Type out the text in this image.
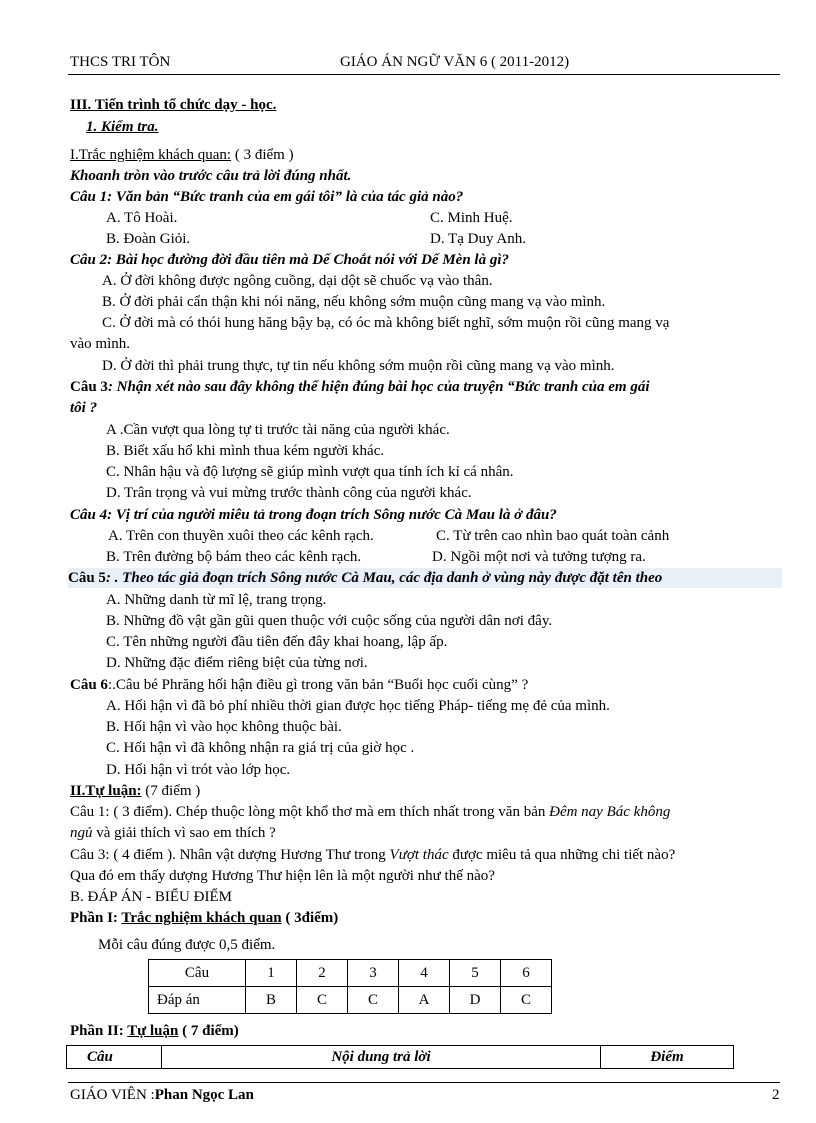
THCS TRI TÔN	GIÁO ÁN NGỮ VĂN 6 ( 2011-2012)
III. Tiến trình tổ chức dạy - học.
1. Kiểm tra.
I.Trắc nghiệm khách quan: ( 3 điểm )
Khoanh tròn vào trước câu trả lời đúng nhất.
Câu 1: Văn bản “Bức tranh của em gái tôi” là của tác giả nào?
A. Tô Hoài.	C. Minh Huệ.
B. Đoàn Giỏi.	D. Tạ Duy Anh.
Câu 2: Bài học đường đời đầu tiên mà Dế Choắt nói với Dế Mèn là gì?
A. Ở đời không được ngông cuồng, dại dột sẽ chuốc vạ vào thân.
B. Ở đời phải cẩn thận khi nói năng, nếu không sớm muộn cũng mang vạ vào mình.
C. Ở đời mà có thói hung hăng bậy bạ, có óc mà không biết nghĩ, sớm muộn rồi cũng mang vạ
vào mình.
D. Ở đời thì phải trung thực, tự tin nếu không sớm muộn rồi cũng mang vạ vào mình.
Câu 3: Nhận xét nào sau đây không thể hiện đúng bài học của truyện “Bức tranh của em gái
tôi ?
A .Cần vượt qua lòng tự ti trước tài năng của người khác.
B. Biết xấu hổ khi mình thua kém người khác.
C. Nhân hậu và độ lượng sẽ giúp mình vượt qua tính ích kỉ cá nhân.
D. Trân trọng và vui mừng trước thành công của người khác.
Câu 4: Vị trí của người miêu tả trong đoạn trích Sông nước Cà Mau là ở đâu?
A. Trên con thuyền xuôi theo các kênh rạch.	C. Từ trên cao nhìn bao quát toàn cảnh
B. Trên đường bộ bám theo các kênh rạch.	D. Ngồi một nơi và tưởng tượng ra.
Câu 5: . Theo tác giả đoạn trích Sông nước Cà Mau, các địa danh ở vùng này được đặt tên theo
A. Những danh từ mĩ lệ, trang trọng.
B. Những đồ vật gần gũi quen thuộc với cuộc sống của người dân nơi đây.
C. Tên những người đầu tiên đến đây khai hoang, lập ấp.
D. Những đặc điểm riêng biệt của từng nơi.
Câu 6:.Câu bé Phrăng hối hận điều gì trong văn bản “Buổi học cuối cùng” ?
A. Hối hận vì đã bỏ phí nhiều thời gian được học tiếng Pháp- tiếng mẹ đẻ của mình.
B. Hối hận vì vào học không thuộc bài.
C. Hối hận vì đã không nhận ra giá trị của giờ học .
D. Hối hận vì trót vào lớp học.
II.Tự luận: (7 điểm )
Câu 1: ( 3 điểm). Chép thuộc lòng một khổ thơ mà em thích nhất trong văn bản Đêm nay Bác không
ngủ và giải thích vì sao em thích ?
Câu 3: ( 4 điểm ). Nhân vật dượng Hương Thư trong Vượt thác được miêu tả qua những chi tiết nào?
Qua đó em thấy dượng Hương Thư hiện lên là một người như thế nào?
B. ĐÁP ÁN - BIỂU ĐIỂM
Phần I: Trắc nghiệm khách quan ( 3điểm)
Mỗi câu đúng được 0,5 điểm.
Câu	1	2	3	4	5	6
Đáp án	B	C	C	A	D	C
Phần II: Tự luận ( 7 điểm)
Câu	Nội dung trả lời	Điểm
GIÁO VIÊN :Phan Ngọc Lan	2
